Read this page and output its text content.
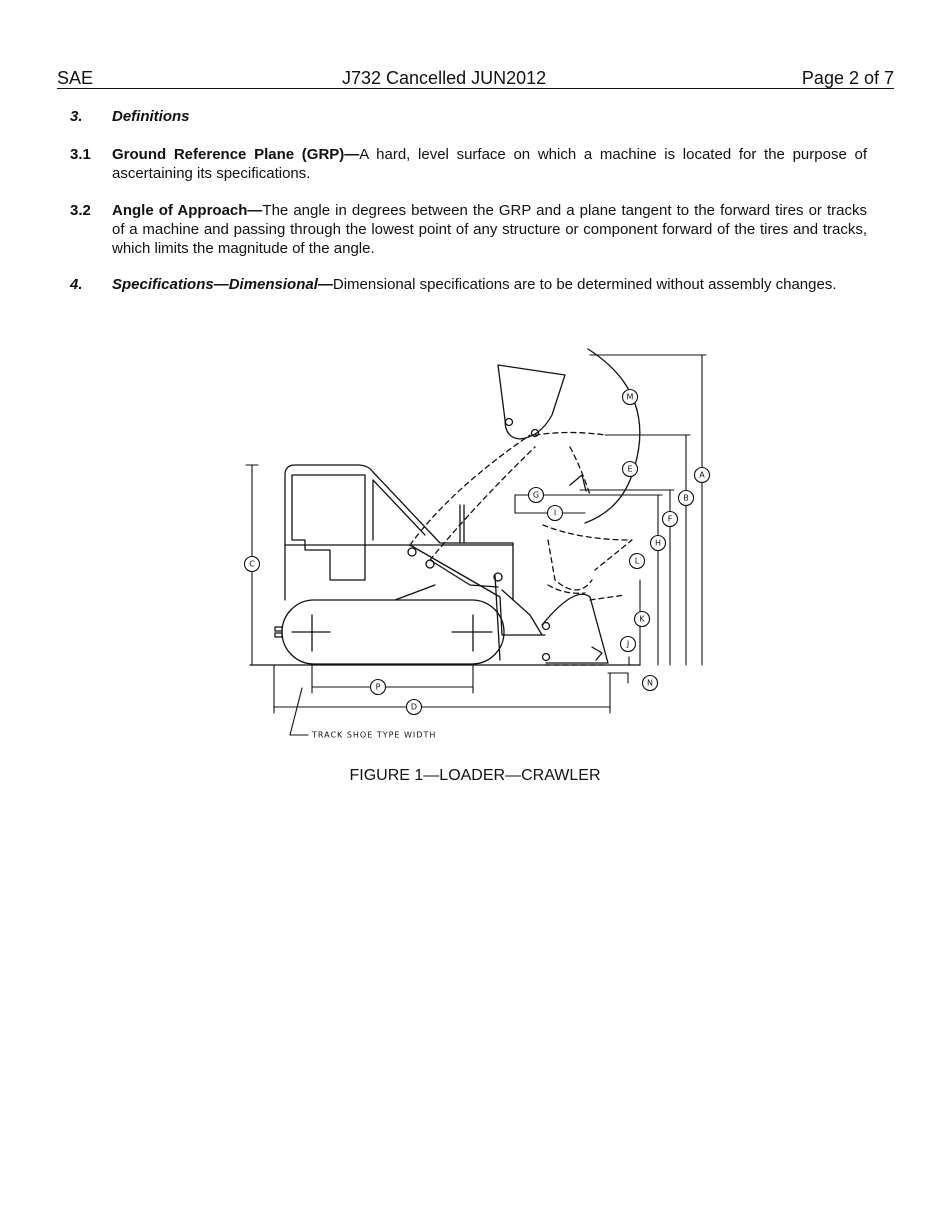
SAE	J732 Cancelled JUN2012	Page 2 of 7
3. Definitions
3.1 Ground Reference Plane (GRP)—A hard, level surface on which a machine is located for the purpose of ascertaining its specifications.
3.2 Angle of Approach—The angle in degrees between the GRP and a plane tangent to the forward tires or tracks of a machine and passing through the lowest point of any structure or component forward of the tires and tracks, which limits the magnitude of the angle.
4. Specifications—Dimensional—Dimensional specifications are to be determined without assembly changes.
C
A
B
F
H
M
E
G
I
L
K
J
N
P
D
TRACK SHOE TYPE WIDTH
FIGURE 1—LOADER—CRAWLER
